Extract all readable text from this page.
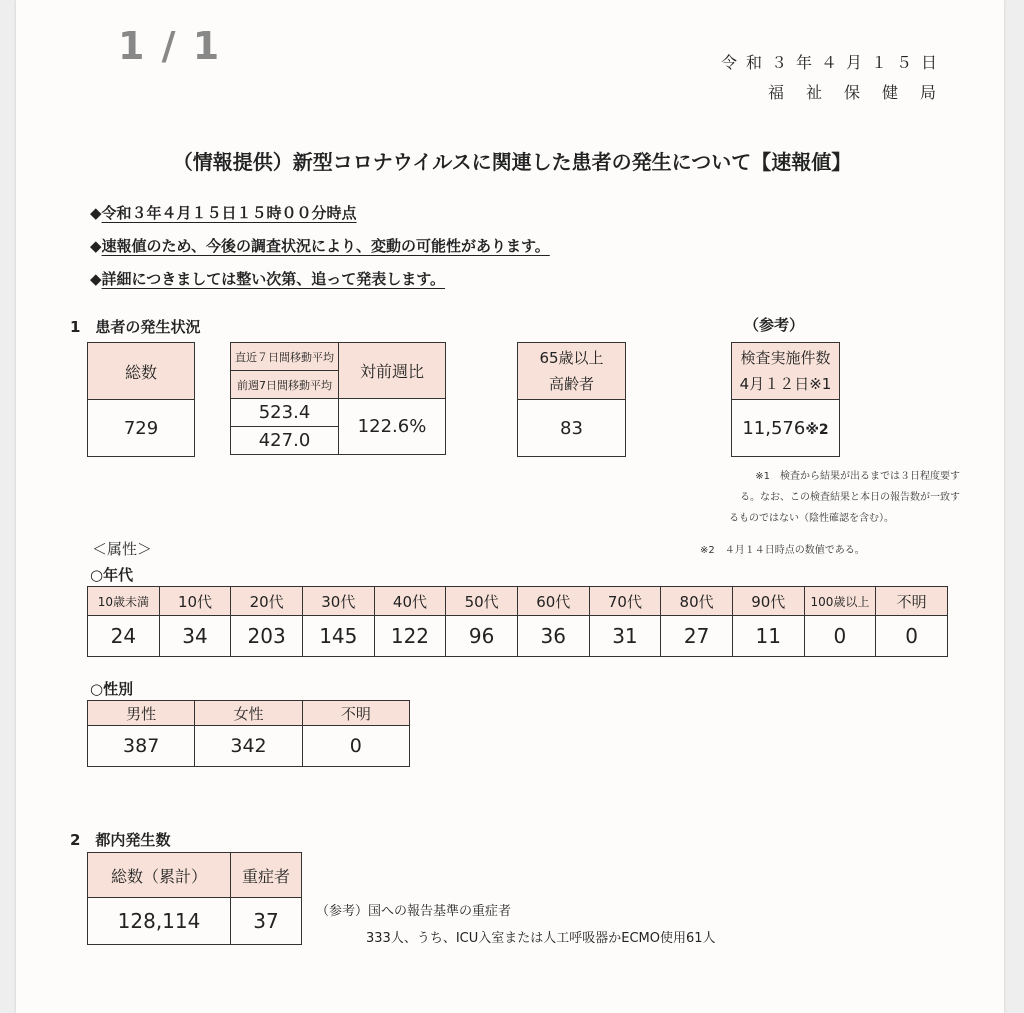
1 / 1	令和３年４月１５日
福祉保健局
（情報提供）新型コロナウイルスに関連した患者の発生について【速報値】
◆令和３年４月１５日１５時００分時点
◆速報値のため、今後の調査状況により、変動の可能性があります。
◆詳細につきましては整い次第、追って発表します。
1　患者の発生状況	（参考）
総数
729
直近７日間移動平均	対前週比
前週7日間移動平均	
523.4	122.6%
427.0	
65歳以上
高齢者

83
検査実施件数
4月１２日※1

11,576※2
※1　検査から結果が出るまでは３日程度要す
る。なお、この検査結果と本日の報告数が一致す
るものではない（陰性確認を含む）。
※2　４月１４日時点の数値である。
＜属性＞
○年代
10歳未満	10代	20代	30代	40代	50代	60代	70代	80代	90代	100歳以上	不明
24	34	203	145	122	96	36	31	27	11	0	0
○性別
男性	女性	不明
387	342	0
2　都内発生数
総数（累計）	重症者
128,114	37	（参考）国への報告基準の重症者
333人、うち、ICU入室または人工呼吸器かECMO使用61人
